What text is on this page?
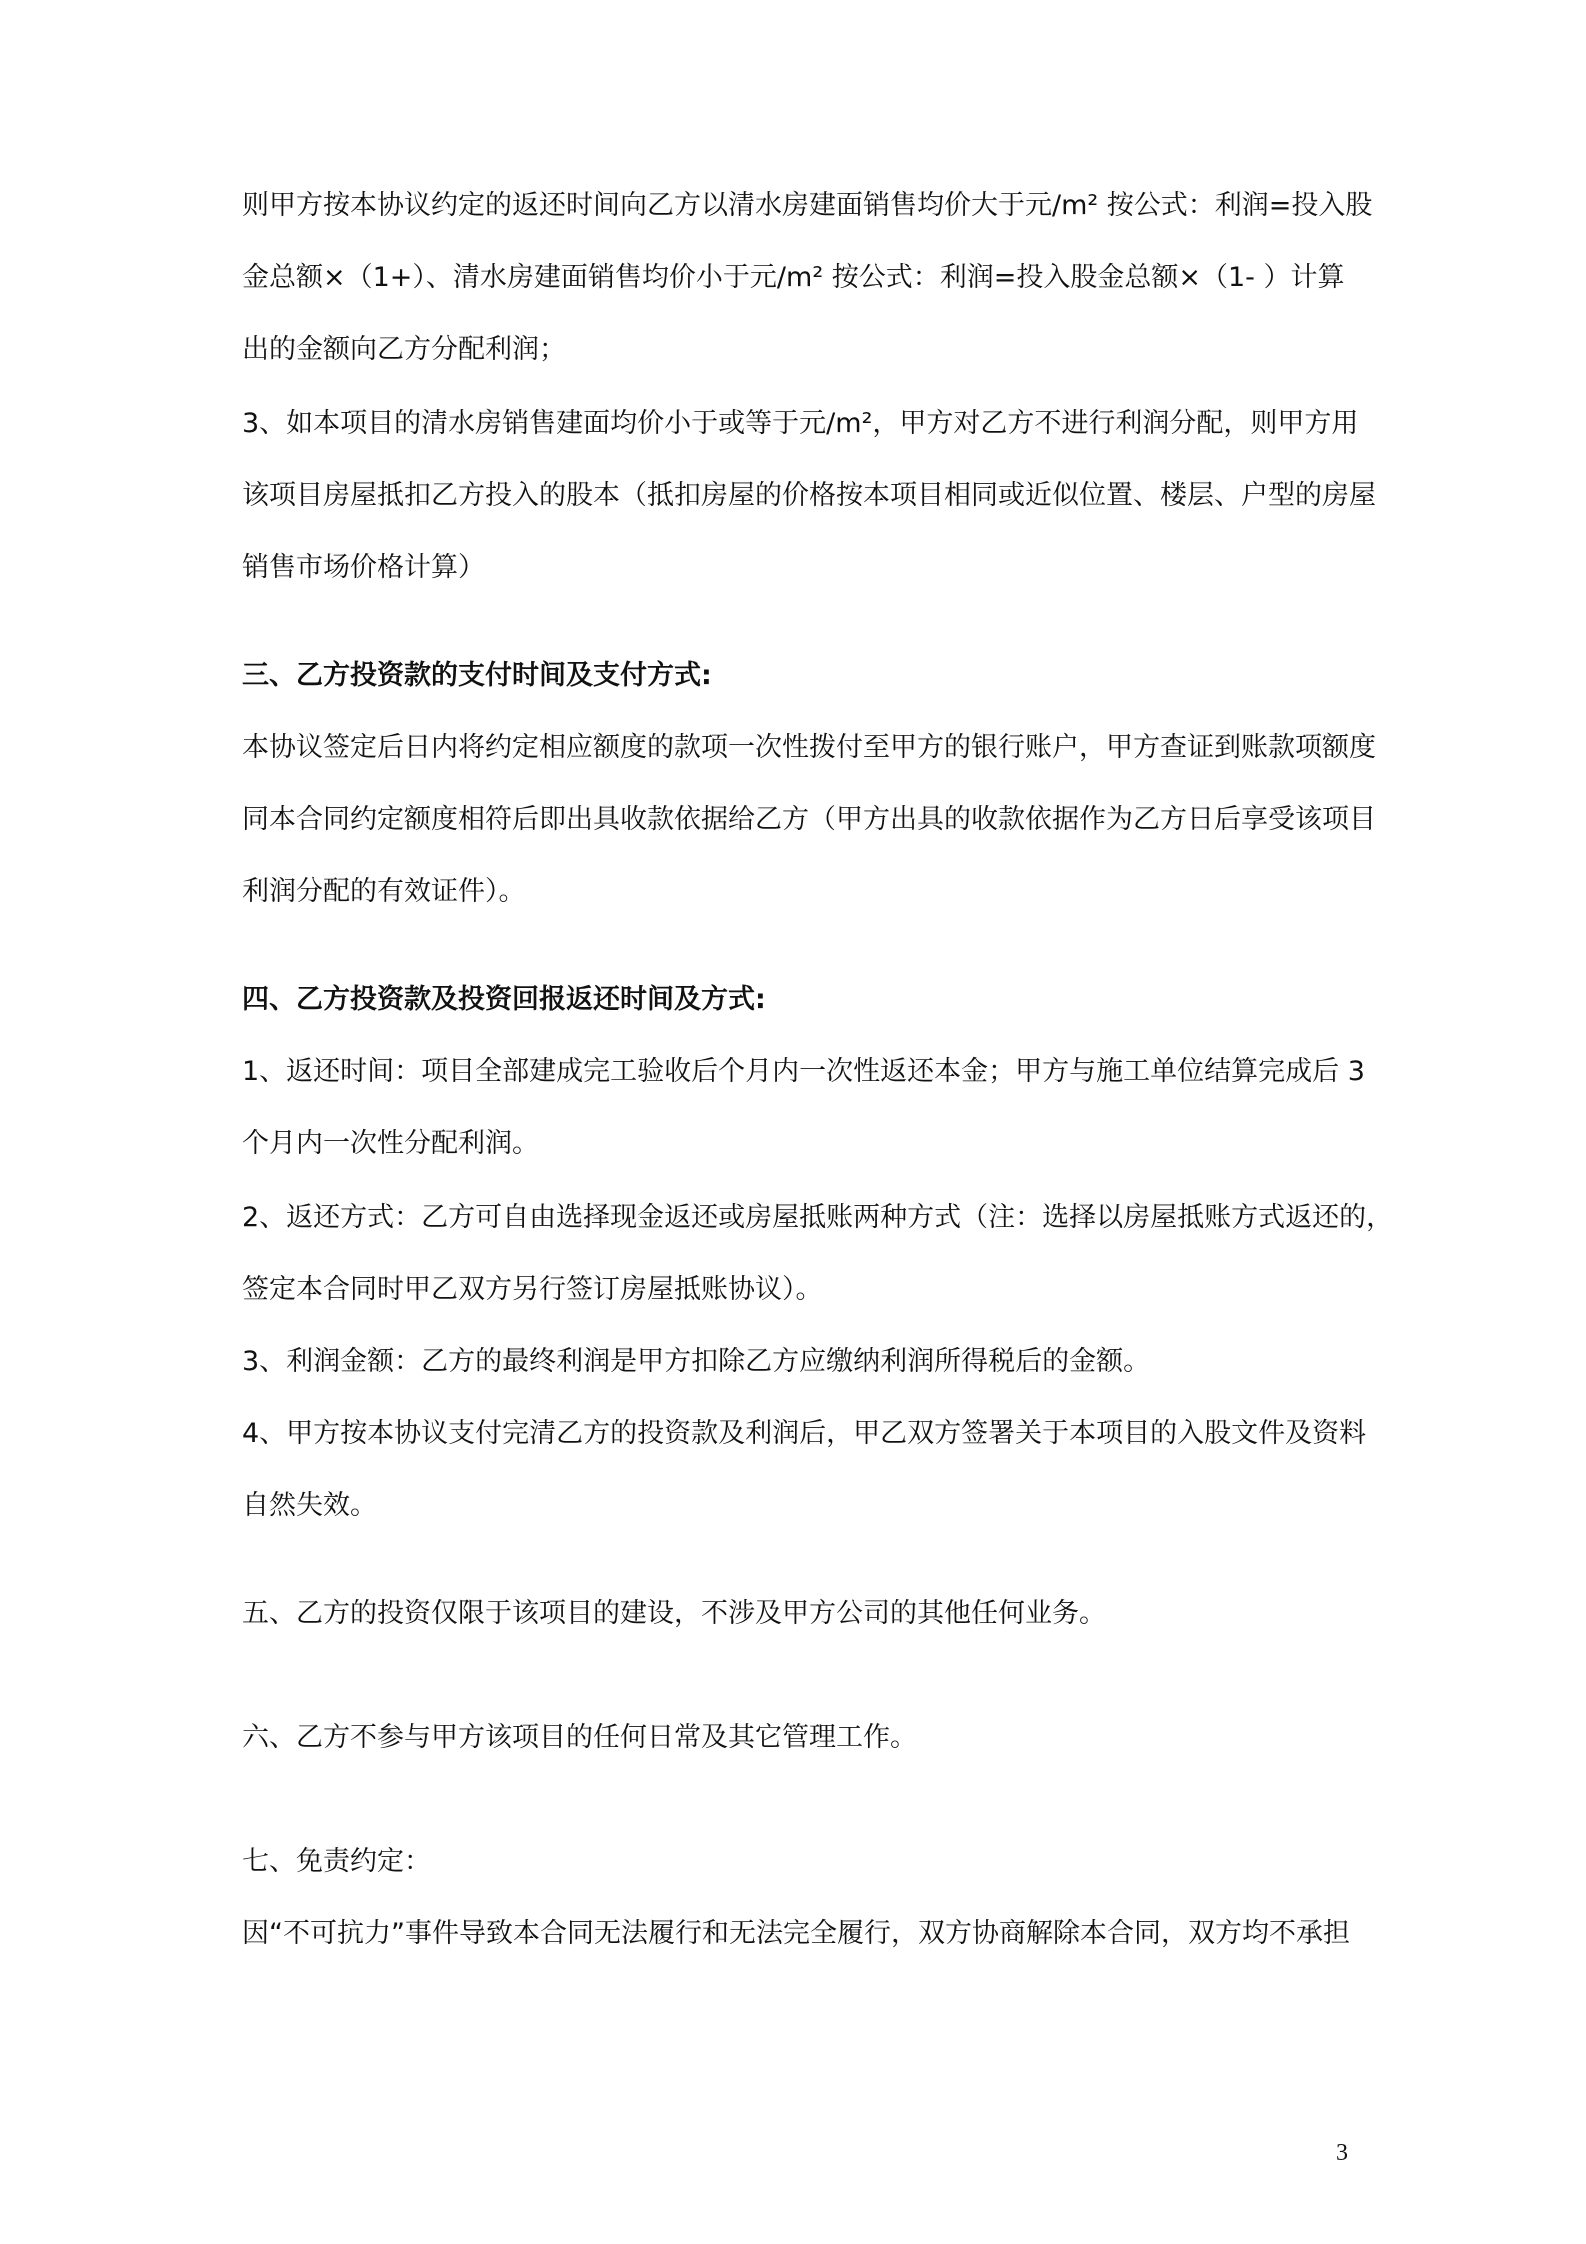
则甲方按本协议约定的返还时间向乙方以清水房建面销售均价大于元/m² 按公式：利润=投入股

金总额×（1+）、清水房建面销售均价小于元/m² 按公式：利润=投入股金总额×（1- ）计算

出的金额向乙方分配利润；

3、如本项目的清水房销售建面均价小于或等于元/m²，甲方对乙方不进行利润分配，则甲方用

该项目房屋抵扣乙方投入的股本（抵扣房屋的价格按本项目相同或近似位置、楼层、户型的房屋

销售市场价格计算）

三、乙方投资款的支付时间及支付方式:

本协议签定后日内将约定相应额度的款项一次性拨付至甲方的银行账户，甲方查证到账款项额度

同本合同约定额度相符后即出具收款依据给乙方（甲方出具的收款依据作为乙方日后享受该项目

利润分配的有效证件）。

四、乙方投资款及投资回报返还时间及方式:

1、返还时间：项目全部建成完工验收后个月内一次性返还本金；甲方与施工单位结算完成后 3

个月内一次性分配利润。

2、返还方式：乙方可自由选择现金返还或房屋抵账两种方式（注：选择以房屋抵账方式返还的，

签定本合同时甲乙双方另行签订房屋抵账协议）。

3、利润金额：乙方的最终利润是甲方扣除乙方应缴纳利润所得税后的金额。

4、甲方按本协议支付完清乙方的投资款及利润后，甲乙双方签署关于本项目的入股文件及资料

自然失效。

五、乙方的投资仅限于该项目的建设，不涉及甲方公司的其他任何业务。

六、乙方不参与甲方该项目的任何日常及其它管理工作。

七、免责约定：

因“不可抗力”事件导致本合同无法履行和无法完全履行，双方协商解除本合同，双方均不承担

3
